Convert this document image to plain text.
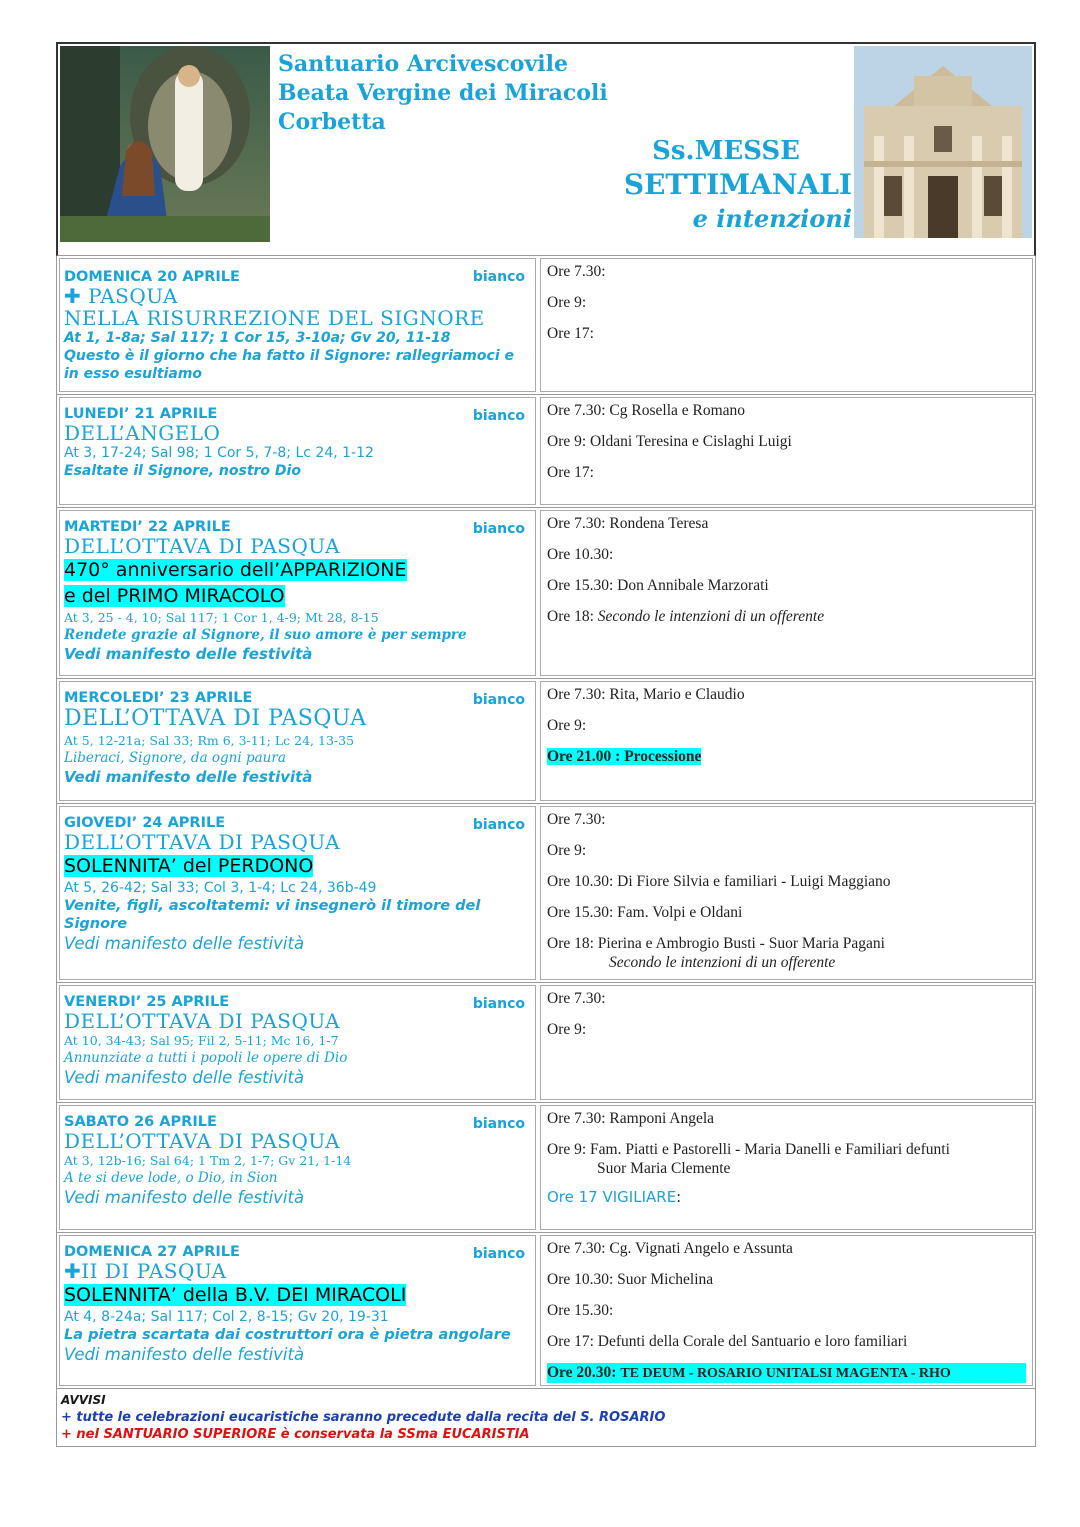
Santuario Arcivescovile
Beata Vergine dei Miracoli
Corbetta
Ss.MESSE
SETTIMANALI
e intenzioni
DOMENICA 20 APRILE	bianco
✚ PASQUA
NELLA RISURREZIONE DEL SIGNORE
At 1, 1-8a; Sal 117; 1 Cor 15, 3-10a; Gv 20, 11-18
Questo è il giorno che ha fatto il Signore: rallegriamoci e in esso esultiamo
Ore 7.30:
Ore 9:
Ore 17:
LUNEDI’ 21 APRILE	bianco
DELL’ANGELO
At 3, 17-24; Sal 98; 1 Cor 5, 7-8; Lc 24, 1-12
Esaltate il Signore, nostro Dio
Ore 7.30: Cg Rosella e Romano
Ore 9: Oldani Teresina e Cislaghi Luigi
Ore 17:
MARTEDI’ 22 APRILE	bianco
DELL’OTTAVA DI PASQUA
470° anniversario dell’APPARIZIONE
e del PRIMO MIRACOLO
At 3, 25 - 4, 10; Sal 117; 1 Cor 1, 4-9; Mt 28, 8-15
Rendete grazie al Signore, il suo amore è per sempre
Vedi manifesto delle festività
Ore 7.30: Rondena Teresa
Ore 10.30:
Ore 15.30: Don Annibale Marzorati
Ore 18: Secondo le intenzioni di un offerente
MERCOLEDI’ 23 APRILE	bianco
DELL’OTTAVA DI PASQUA
At 5, 12-21a; Sal 33; Rm 6, 3-11; Lc 24, 13-35
Liberaci, Signore, da ogni paura
Vedi manifesto delle festività
Ore 7.30: Rita, Mario e Claudio
Ore 9:
Ore 21.00 : Processione
GIOVEDI’ 24 APRILE	bianco
DELL’OTTAVA DI PASQUA
SOLENNITA’ del PERDONO
At 5, 26-42; Sal 33; Col 3, 1-4; Lc 24, 36b-49
Venite, figli, ascoltatemi: vi insegnerò il timore del Signore
Vedi manifesto delle festività
Ore 7.30:
Ore 9:
Ore 10.30: Di Fiore Silvia e familiari - Luigi Maggiano
Ore 15.30: Fam. Volpi e Oldani
Ore 18: Pierina e Ambrogio Busti - Suor Maria Pagani
Secondo le intenzioni di un offerente
VENERDI’ 25 APRILE	bianco
DELL’OTTAVA DI PASQUA
At 10, 34-43; Sal 95; Fil 2, 5-11; Mc 16, 1-7
Annunziate a tutti i popoli le opere di Dio
Vedi manifesto delle festività
Ore 7.30:
Ore 9:
SABATO 26 APRILE	bianco
DELL’OTTAVA DI PASQUA
At 3, 12b-16; Sal 64; 1 Tm 2, 1-7; Gv 21, 1-14
A te si deve lode, o Dio, in Sion
Vedi manifesto delle festività
Ore 7.30: Ramponi Angela
Ore 9: Fam. Piatti e Pastorelli - Maria Danelli e Familiari defunti
Suor Maria Clemente
Ore 17 VIGILIARE:
DOMENICA 27 APRILE	bianco
✚II DI PASQUA
SOLENNITA’ della B.V. DEI MIRACOLI
At 4, 8-24a; Sal 117; Col 2, 8-15; Gv 20, 19-31
La pietra scartata dai costruttori ora è pietra angolare
Vedi manifesto delle festività
Ore 7.30: Cg. Vignati Angelo e Assunta
Ore 10.30: Suor Michelina
Ore 15.30:
Ore 17: Defunti della Corale del Santuario e loro familiari
Ore 20.30: TE DEUM - ROSARIO UNITALSI MAGENTA - RHO
AVVISI
+ tutte le celebrazioni eucaristiche saranno precedute dalla recita del S. ROSARIO
+ nel SANTUARIO SUPERIORE è conservata la SSma EUCARISTIA
